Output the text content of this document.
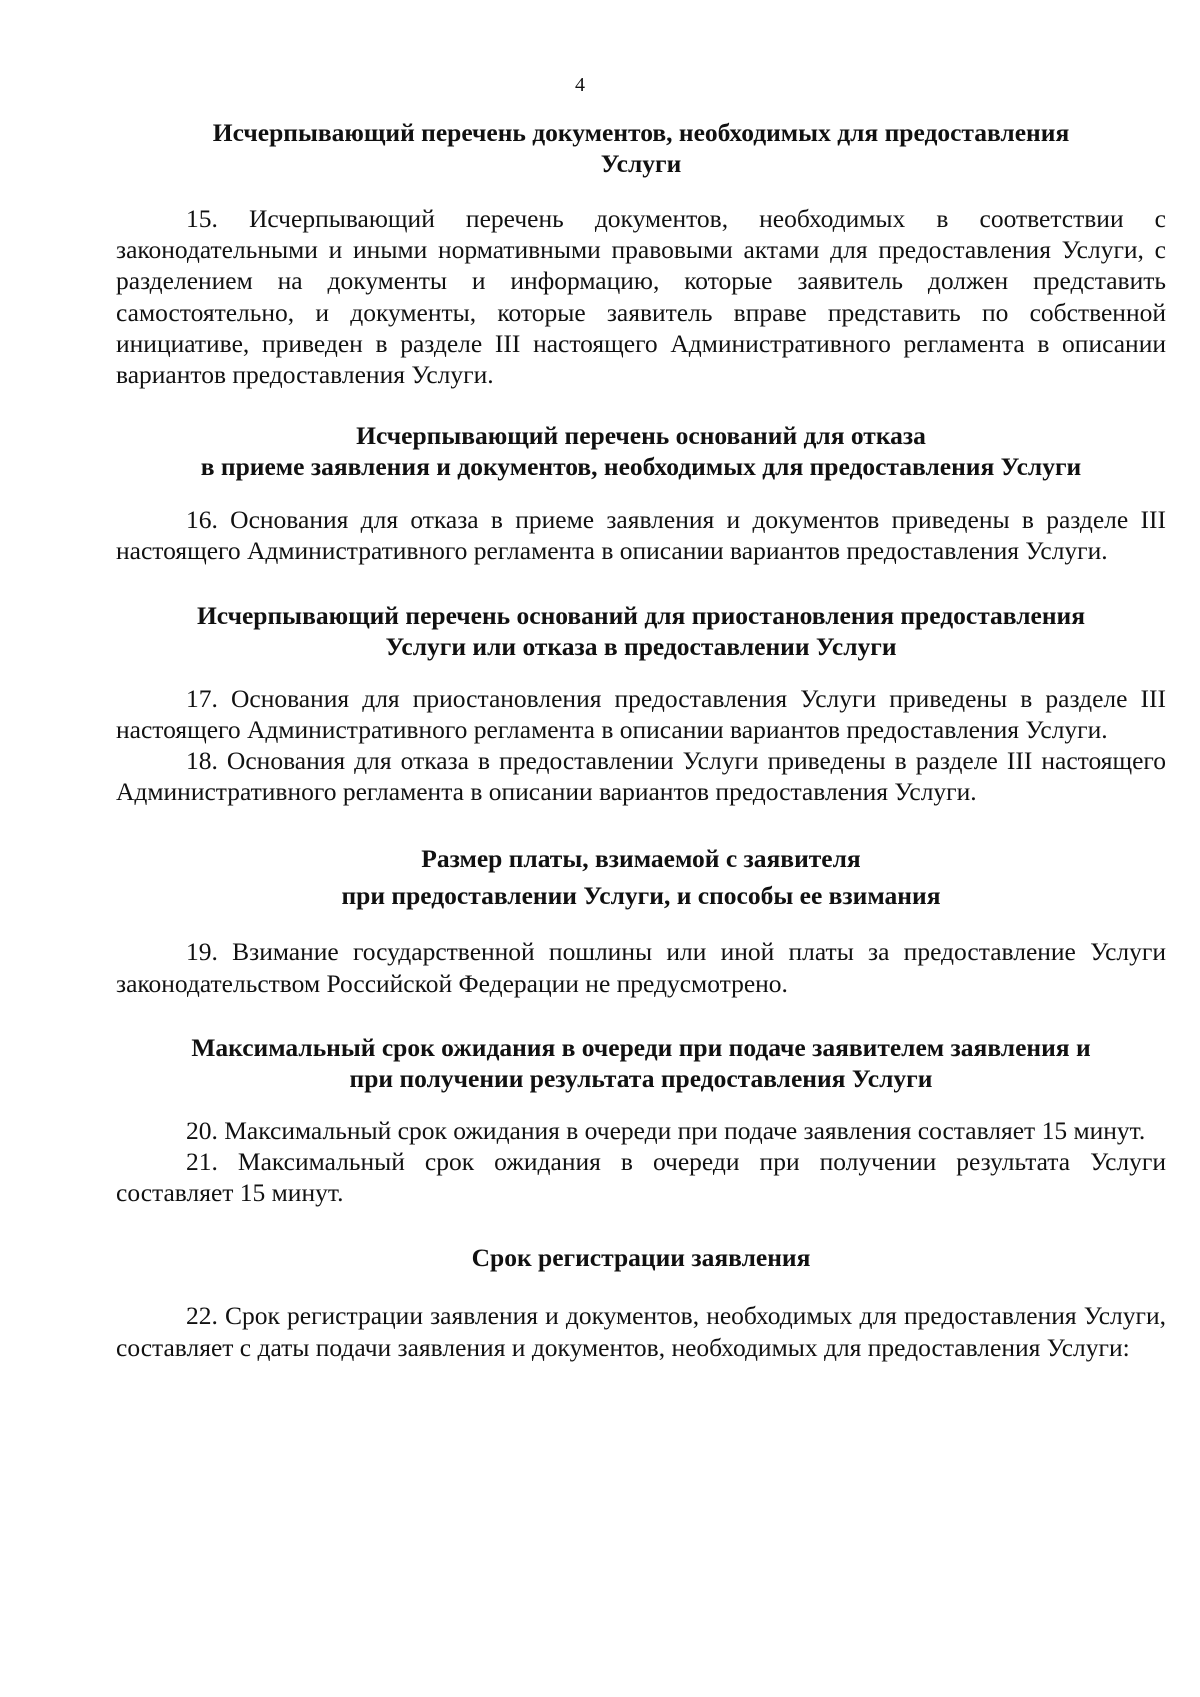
4
Исчерпывающий перечень документов, необходимых для предоставления
Услуги

15. Исчерпывающий перечень документов, необходимых в соответствии с законодательными и иными нормативными правовыми актами для предоставления Услуги, с разделением на документы и информацию, которые заявитель должен представить самостоятельно, и документы, которые заявитель вправе представить по собственной инициативе, приведен в разделе III настоящего Административного регламента в описании вариантов предоставления Услуги.

Исчерпывающий перечень оснований для отказа
в приеме заявления и документов, необходимых для предоставления Услуги

16. Основания для отказа в приеме заявления и документов приведены в разделе III настоящего Административного регламента в описании вариантов предоставления Услуги.

Исчерпывающий перечень оснований для приостановления предоставления
Услуги или отказа в предоставлении Услуги

17. Основания для приостановления предоставления Услуги приведены в разделе III настоящего Административного регламента в описании вариантов предоставления Услуги.

18. Основания для отказа в предоставлении Услуги приведены в разделе III настоящего Административного регламента в описании вариантов предоставления Услуги.

Размер платы, взимаемой с заявителя
при предоставлении Услуги, и способы ее взимания

19. Взимание государственной пошлины или иной платы за предоставление Услуги законодательством Российской Федерации не предусмотрено.

Максимальный срок ожидания в очереди при подаче заявителем заявления и
при получении результата предоставления Услуги

20. Максимальный срок ожидания в очереди при подаче заявления составляет 15 минут.

21. Максимальный срок ожидания в очереди при получении результата Услуги составляет 15 минут.

Срок регистрации заявления

22. Срок регистрации заявления и документов, необходимых для предоставления Услуги, составляет с даты подачи заявления и документов, необходимых для предоставления Услуги:
